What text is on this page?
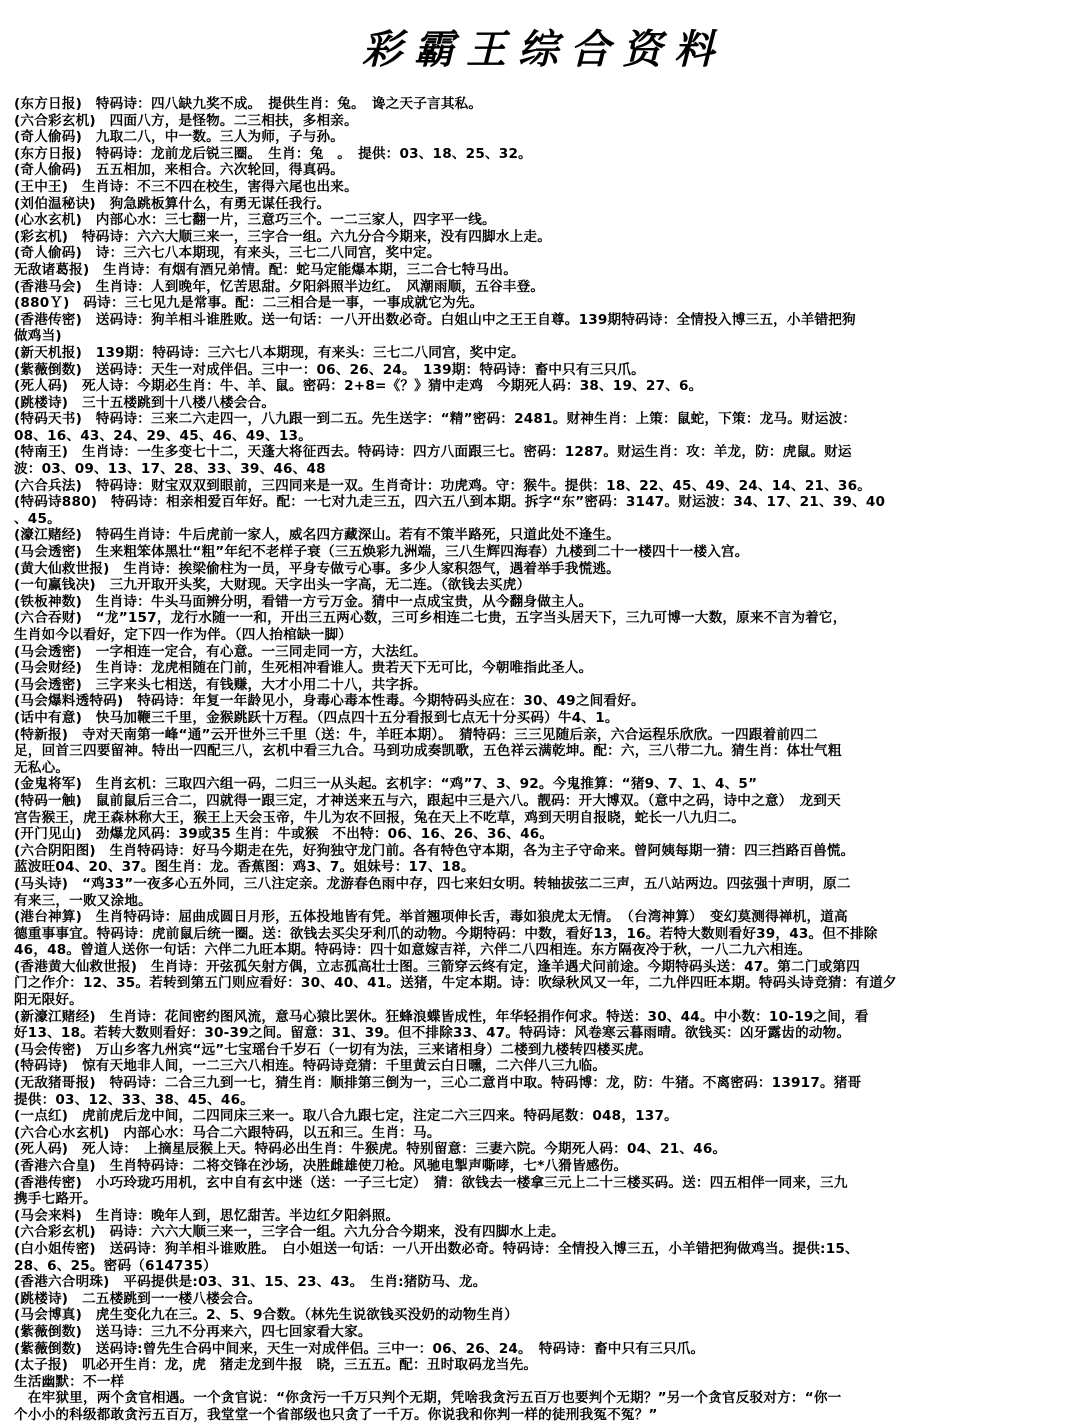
彩霸王综合资料
(东方日报)　特码诗：四八缺九奖不成。　提供生肖：兔。　谗之天子言其私。
(六合彩玄机)　四面八方，是怪物。二三相扶，多相亲。
(奇人偷码)　九取二八，中一数。三人为师，子与孙。
(东方日报)　特码诗：龙前龙后锐三圈。　生肖：兔　。　提供：03、18、25、32。
(奇人偷码)　五五相加，来相合。六次轮回，得真码。
(王中王)　生肖诗：不三不四在校生，害得六尾也出来。
(刘伯温秘诀)　狗急跳板算什么，有勇无谋任我行。
(心水玄机)　内部心水：三七翻一片，三意巧三个。一二三家人，四字平一线。
(彩玄机)　特码诗：六六大顺三来一，三字合一组。六九分合今期来，没有四脚水上走。
(奇人偷码)　诗：三六七八本期现，有来头，三七二八同宫，奖中定。
无敌诸葛报)　生肖诗：有烟有酒兄弟情。配：蛇马定能爆本期，三二合七特马出。
(香港马会)　生肖诗：人到晚年，忆苦思甜。夕阳斜照半边红。　风潮雨顺，五谷丰登。
(880Ｙ)　码诗：三七见九是常事。配：二三相合是一事，一事成就它为先。
(香港传密)　送码诗：狗羊相斗谁胜败。送一句话：一八开出数必奇。白姐山中之王王自尊。139期特码诗：全情投入博三五，小羊错把狗
做鸡当)
(新天机报)　139期：特码诗：三六七八本期现，有来头：三七二八同宫，奖中定。
(紫薇倒数)　送码诗：天生一对成伴侣。三中一：06、26、24。　139期：特码诗：畜中只有三只爪。
(死人码)　死人诗：今期必生肖：牛、羊、鼠。密码：2+8=《？》猜中走鸡　今期死人码：38、19、27、6。
(跳楼诗)　三十五楼跳到十八楼八楼会合。
(特码天书)　特码诗：三来二六走四一，八九跟一到二五。先生送字：“精”密码：2481。财神生肖：上策：鼠蛇，下策：龙马。财运波：
08、16、43、24、29、45、46、49、13。
(特南王)　生肖诗：一生多变七十二，天蓬大将征西去。特码诗：四方八面跟三七。密码：1287。财运生肖：攻：羊龙，防：虎鼠。财运
波：03、09、13、17、28、33、39、46、48
(六合兵法)　特码诗：财宝双双到眼前，三四同来是一双。生肖奇计：功虎鸡。守：猴牛。提供：18、22、45、49、24、14、21、36。
(特码诗880)　特码诗：相亲相爱百年好。配：一七对九走三五，四六五八到本期。拆字“东”密码：3147。财运波：34、17、21、39、40
、45。
(濠江赌经)　特码生肖诗：牛后虎前一家人，威名四方藏深山。若有不策半路死，只道此处不逢生。
(马会透密)　生来粗笨体黑壮“粗”年纪不老样子衰（三五焕彩九洲端，三八生辉四海春）九楼到二十一楼四十一楼入宫。
(黄大仙救世报)　生肖诗：挨梁偷柱为一员，平身专做亏心事。多少人家积怨气，遇着举手我慌逃。
(一句赢钱决)　三九开取开头奖，大财现。天字出头一字高，无二连。（欲钱去买虎）
(铁板神数)　生肖诗：牛头马面辨分明，看错一方亏万金。猜中一点成宝贵，从今翻身做主人。
(六合吞财)　“龙”157，龙行水随一一和，开出三五两心数，三可乡相连二七贵，五字当头居天下，三九可博一大数，原来不言为着它，
生肖如今以看好，定下四一作为伴。（四人抬棺缺一脚）
(马会透密)　一字相连一定合，有心意。一三同走同一方，大法红。
(马会财经)　生肖诗：龙虎相随在门前，生死相冲看谁人。贵若天下无可比，今朝唯指此圣人。
(马会透密)　三字来头七相送，有钱赚，大才小用二十八，共字拆。
(马会爆料透特码)　特码诗：年复一年龄见小，身毒心毒本性毒。今期特码头应在：30、49之间看好。
(话中有意)　快马加鞭三千里，金猴跳跃十万程。（四点四十五分看报到七点无十分买码）牛4、1。
(特新报)　寺对天南第一峰“通”云开世外三千里（送：牛，羊旺本期）。　猜特码：三三见随后亲，六合运程乐欣欣。一四跟着前四二
足，回首三四要留神。特出一四配三八，玄机中看三九合。马到功成奏凯歌，五色祥云满乾坤。配：六，三八带二九。猜生肖：体壮气粗
无私心。
(金鬼将军)　生肖玄机：三取四六组一码，二归三一从头起。玄机字：“鸡”7、3、92。今鬼推算：“猪9、7、1、4、5”
(特码一触)　鼠前鼠后三合二，四就得一跟三定，才神送来五与六，跟起中三是六八。靓码：开大博双。（意中之码，诗中之意）　龙到天
宫告猴王，虎王森林称大王，猴王上天会玉帝，牛儿为农不回报，兔在天上不吃草，鸡到天明自报晓，蛇长一八九归二。
(开门见山)　劲爆龙风码：39或35 生肖：牛或猴　不出特：06、16、26、36、46。
(六合阴阳图)　生肖特码诗：好马今期走在先，好狗独守龙门前。各有特色守本期，各为主子守命来。曾阿姨每期一猜：四三挡路百兽慌。
蓝波旺04、20、37。图生肖：龙。香蕉图：鸡3、7。姐妹号：17、18。
(马头诗)　“鸡33”一夜多心五外同，三八注定亲。龙游春色雨中存，四七来妇女明。转轴拔弦二三声，五八站两边。四弦强十声明，原二
有来三，一败又涂地。
(港台神算)　生肖特码诗：屈曲成圆日月形，五体投地皆有凭。举首翘项伸长舌，毒如狼虎太无情。　（台湾神算）　变幻莫测得禅机，道高
德重事事宜。特码诗：虎前鼠后统一圈。送：欲钱去买尖牙利爪的动物。今期特码：中数，看好13，16。若特大数则看好39，43。但不排除
46，48。曾道人送你一句话：六伴二九旺本期。特码诗：四十如意嫁吉祥，六伴二八四相连。东方隔夜冷于秋，一八二九六相连。
(香港黄大仙救世报)　生肖诗：开弦孤矢射方偶，立志孤高壮士图。三箭穿云终有定，逢羊遇犬问前途。今期特码头送：47。第二门或第四
门之作介：12、35。若转到第五门则应看好：30、40、41。送猪，牛定本期。诗：吹绿秋风又一年，二九伴四旺本期。特码头诗竞猜：有道夕
阳无限好。
(新濠江赌经)　生肖诗：花间密约图风流，意马心猿比罢休。狂蜂浪蝶皆成性，年华轻捐作何求。特送：30、44。中小数：10-19之间，看
好13、18。若转大数则看好：30-39之间。留意：31、39。但不排除33、47。特码诗：风卷寒云暮雨晴。欲钱买：凶牙露齿的动物。
(马会传密)　万山乡客九州宾“远”七宝瑶台千岁石（一切有为法，三来诸相身）二楼到九楼转四楼买虎。
(特码诗)　惊有天地非人间，一二三六八相连。特码诗竞猜：千里黄云白日曛，二六伴八三九临。
(无敌猪哥报)　特码诗：二合三九到一七，猜生肖：顺排第三倒为一，三心二意肖中取。特码博：龙，防：牛猪。不离密码：13917。猪哥
提供：03、12、33、38、45、46。
(一点红)　虎前虎后龙中间，二四同床三来一。取八合九跟七定，注定二六三四来。特码尾数：048，137。
(六合心水玄机)　内部心水：马合二六跟特码，以五和三。生肖：马。
(死人码)　死人诗：　上摘星辰猴上天。特码必出生肖：牛猴虎。特别留意：三妻六院。今期死人码：04、21、46。
(香港六合皇)　生肖特码诗：二将交锋在沙场，决胜雌雄使刀枪。风驰电掣声嘶哮，七*八猾皆感伤。
(香港传密)　小巧玲珑巧用机，玄中自有玄中迷（送：一子三七定）　猜：欲钱去一楼拿三元上二十三楼买码。送：四五相伴一同来，三九
携手七路开。
(马会来料)　生肖诗：晚年人到，思忆甜苦。半边红夕阳斜照。
(六合彩玄机)　码诗：六六大顺三来一，三字合一组。六九分合今期来，没有四脚水上走。
(白小姐传密)　送码诗：狗羊相斗谁败胜。　白小姐送一句话：一八开出数必奇。特码诗：全情投入博三五，小羊错把狗做鸡当。提供:15、
28、6、25。密码（614735）
(香港六合明珠)　平码提供是:03、31、15、23、43。　生肖:猪防马、龙。
(跳楼诗)　二五楼跳到一一楼八楼会合。
(马会博真)　虎生变化九在三。2、5、9合数。（林先生说欲钱买没奶的动物生肖）
(紫薇倒数)　送马诗：三九不分再来六，四七回家看大家。
(紫薇倒数)　送码诗:曾先生合码中间来，天生一对成伴侣。三中一：06、26、24。　特码诗：畜中只有三只爪。
(太子报)　叽必开生肖：龙，虎　猪走龙到牛报　晓，三五五。配：丑时取码龙当先。
生活幽默：不一样
　在牢狱里，两个贪官相遇。一个贪官说：“你贪污一千万只判个无期，凭啥我贪污五百万也要判个无期？”另一个贪官反驳对方：“你一
个小小的科级都敢贪污五百万，我堂堂一个省部级也只贪了一千万。你说我和你判一样的徒刑我冤不冤？”
